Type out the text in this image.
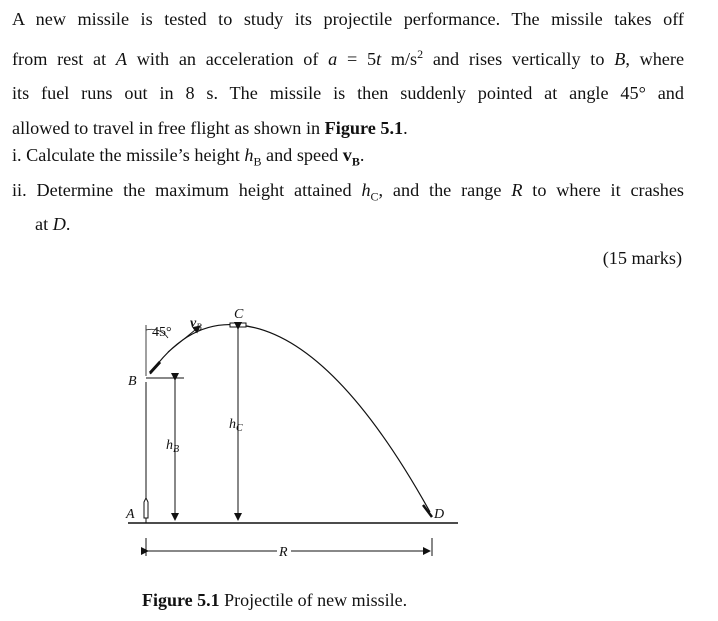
A new missile is tested to study its projectile performance. The missile takes off
from rest at A with an acceleration of a = 5t $m/s^2$ and rises vertically to B, where
its fuel runs out in 8 s. The missile is then suddenly pointed at angle 45° and
allowed to travel in free flight as shown in Figure 5.1.
i. Calculate the missile’s height $h_B$ and speed $v_B$.
ii. Determine the maximum height attained $h_C$, and the range R to where it crashes
at D.
(15 marks)
45°
$v_B$
C
B
$h_C$
$h_B$
A	D
R
Figure 5.1 Projectile of new missile.
